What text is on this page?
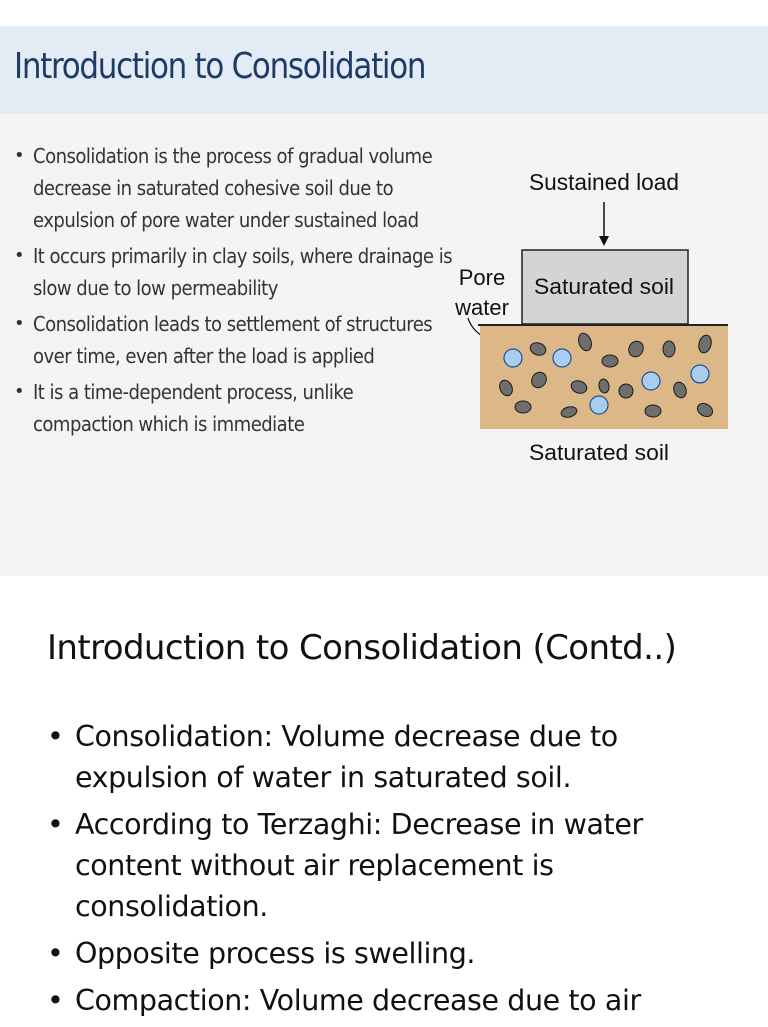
Introduction to Consolidation
• Consolidation is the process of gradual volume decrease in saturated cohesive soil due to expulsion of pore water under sustained load
• It occurs primarily in clay soils, where drainage is slow due to low permeability
• Consolidation leads to settlement of structures over time, even after the load is applied
• It is a time-dependent process, unlike compaction which is immediate
Sustained load
Saturated soil
Pore
water
Saturated soil
Introduction to Consolidation (Contd..)
• Consolidation: Volume decrease due to expulsion of water in saturated soil.
• According to Terzaghi: Decrease in water content without air replacement is consolidation.
• Opposite process is swelling.
• Compaction: Volume decrease due to air
